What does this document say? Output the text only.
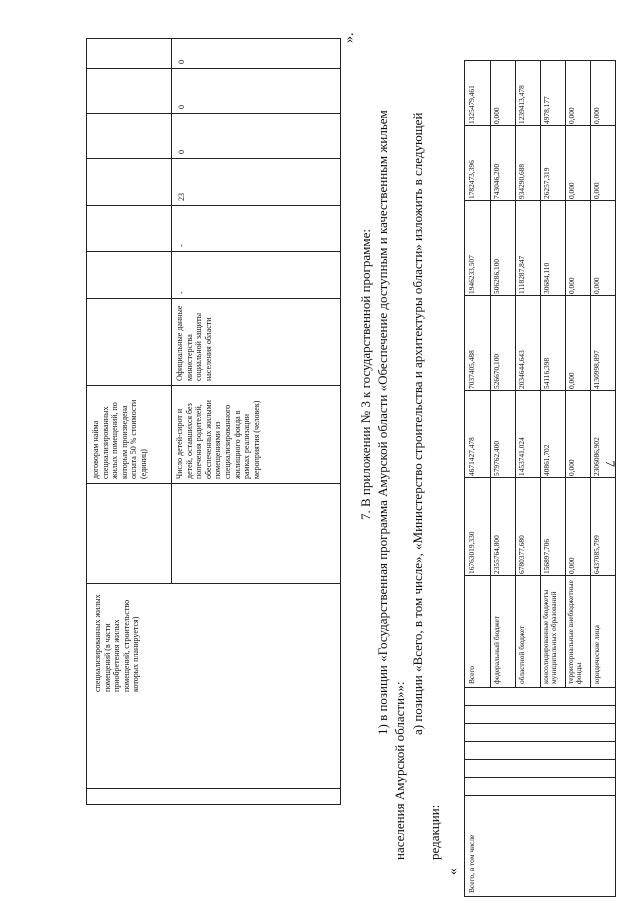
7
специализированных жилых помещений (в части приобретения жилых помещений, строительство которых планируется)
договорам найма специализированных жилых помещений, по которым произведена оплата 50 % стоимости (единиц)	Число детей-сирот и детей, оставшихся без попечения родителей, обеспеченных жилыми помещениями из специализированного жилищного фонда в рамках реализации мероприятия (человек)
Официальные данные министерства социальной защиты населения области
-
-
23
0
0
0
».
7. В приложении № 3 к государственной программе: 1) в позиции «Государственная программа Амурской области «Обеспечение доступным и качественным жильем
населения Амурской области»»:
а) позиции «Всего, в том числе», «Министерство строительства и архитектуры области» изложить в следующей
редакции:
« Всего, в том числе
Всего
16763019,330
4671427,478
7037405,488
1946233,507
1782473,396
1325479,461
федеральный бюджет
2355764,800
579762,400
526670,100
506286,100
743046,200
0,000
областной бюджет
6780377,680
1453741,024
2034644,643
1118287,847
934290,688
1239413,478
консолидированные бюджеты муниципальных образований
156897,706
40861,702
54116,398
30684,110
26257,319
4978,177
территориальные внебюджетные фонды
0,000
0,000
0,000
0,000
0,000
0,000
юридические лица
6437085,799
2306086,902
4130998,897
0,000
0,000
0,000
